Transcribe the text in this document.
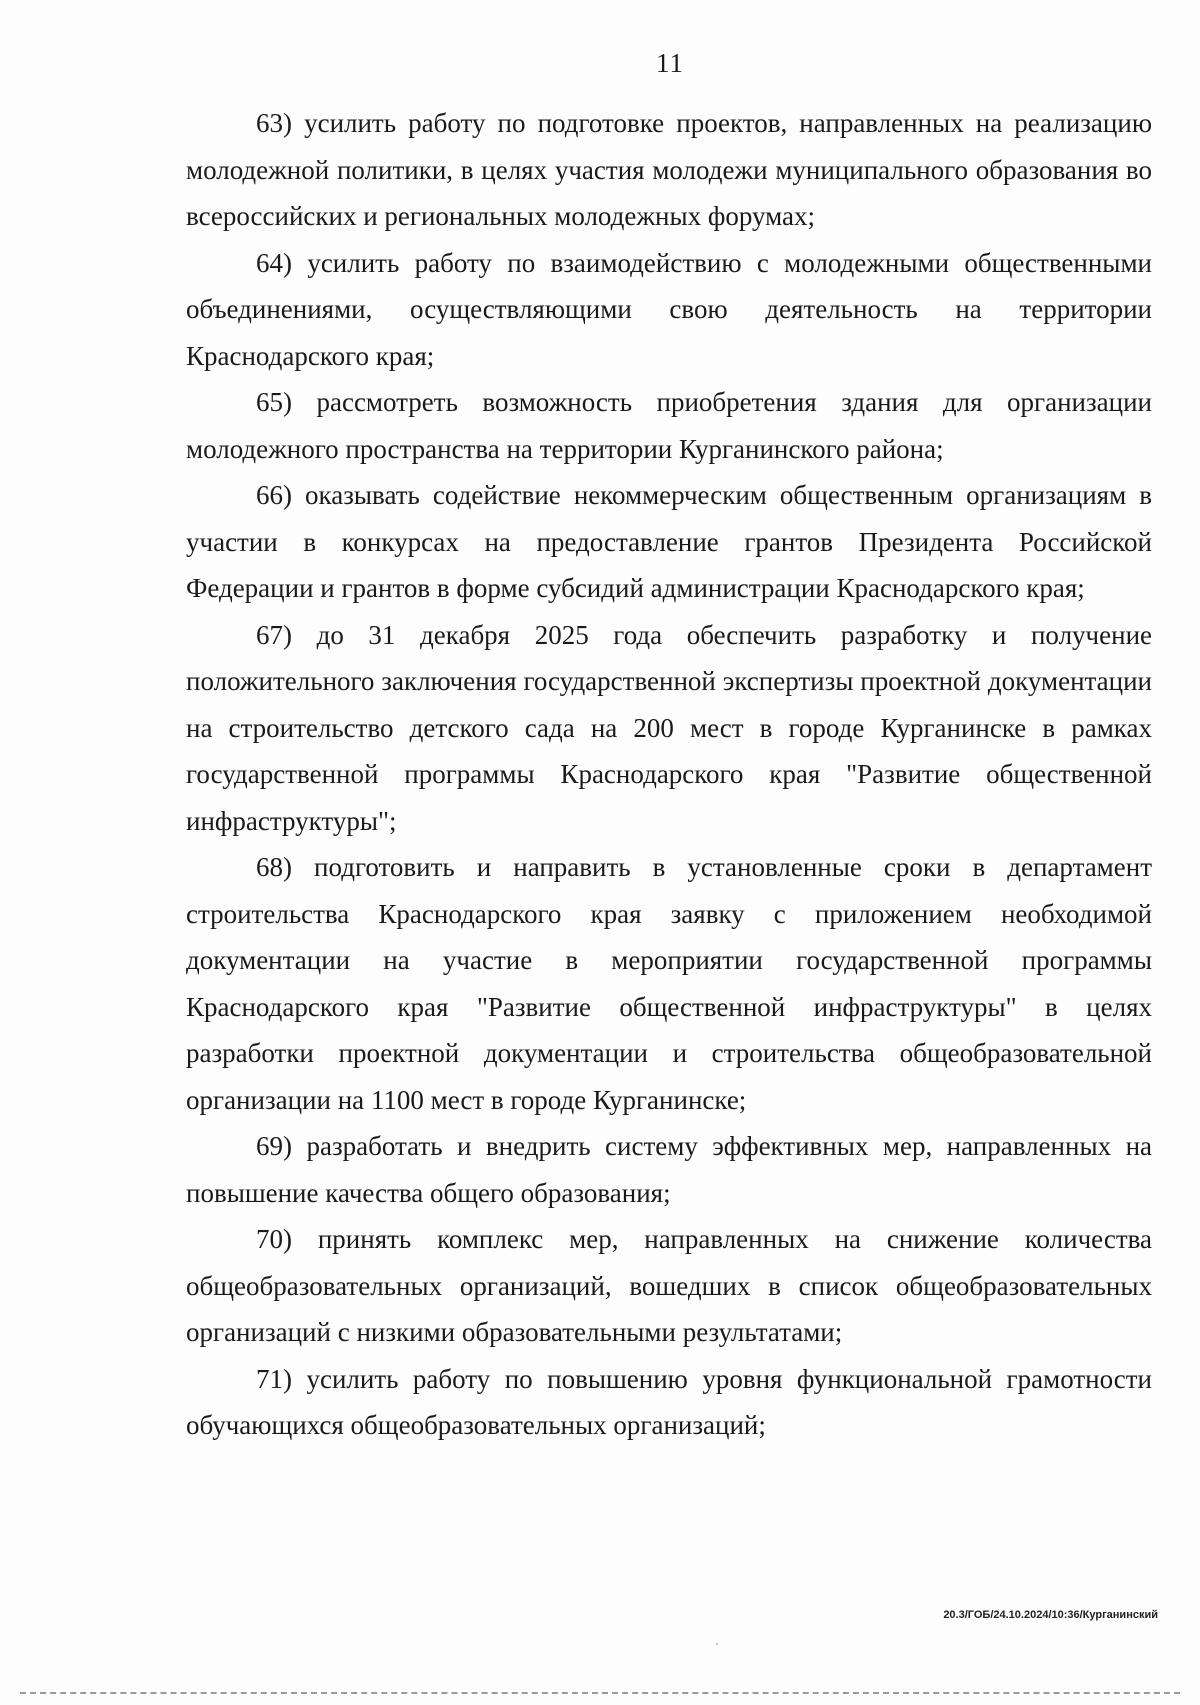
11

63) усилить работу по подготовке проектов, направленных на реализацию молодежной политики, в целях участия молодежи муниципального образования во всероссийских и региональных молодежных форумах;

64) усилить работу по взаимодействию с молодежными общественными объединениями, осуществляющими свою деятельность на территории Краснодарского края;

65) рассмотреть возможность приобретения здания для организации молодежного пространства на территории Курганинского района;

66) оказывать содействие некоммерческим общественным организациям в участии в конкурсах на предоставление грантов Президента Российской Федерации и грантов в форме субсидий администрации Краснодарского края;

67) до 31 декабря 2025 года обеспечить разработку и получение положительного заключения государственной экспертизы проектной документации на строительство детского сада на 200 мест в городе Курганинске в рамках государственной программы Краснодарского края "Развитие общественной инфраструктуры";

68) подготовить и направить в установленные сроки в департамент строительства Краснодарского края заявку с приложением необходимой документации на участие в мероприятии государственной программы Краснодарского края "Развитие общественной инфраструктуры" в целях разработки проектной документации и строительства общеобразовательной организации на 1100 мест в городе Курганинске;

69) разработать и внедрить систему эффективных мер, направленных на повышение качества общего образования;

70) принять комплекс мер, направленных на снижение количества общеобразовательных организаций, вошедших в список общеобразовательных организаций с низкими образовательными результатами;

71) усилить работу по повышению уровня функциональной грамотности обучающихся общеобразовательных организаций;

20.3/ГОБ/24.10.2024/10:36/Курганинский
